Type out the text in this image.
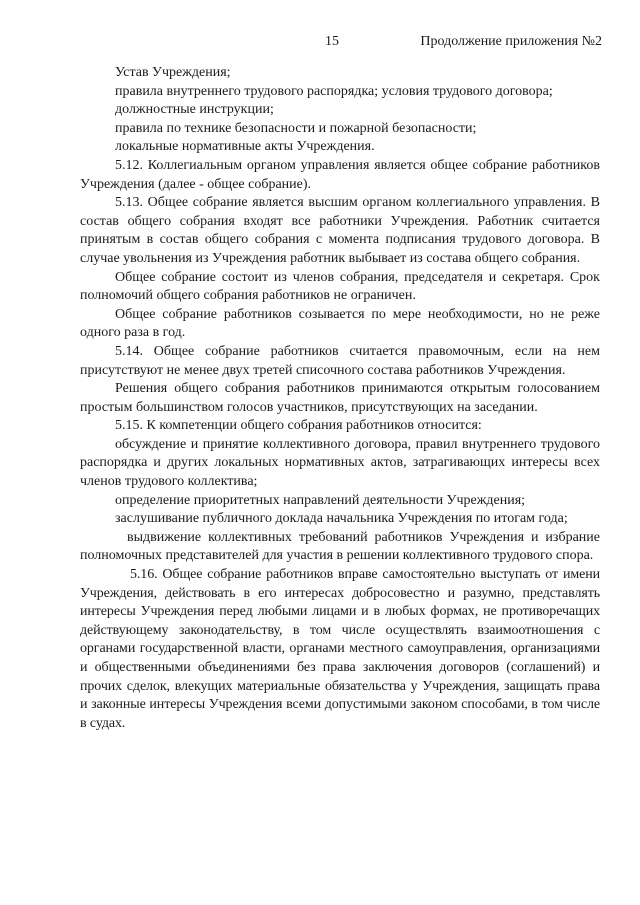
15	Продолжение приложения №2

Устав Учреждения;

правила внутреннего трудового распорядка; условия трудового договора;

должностные инструкции;

правила по технике безопасности и пожарной безопасности;

локальные нормативные акты Учреждения.

5.12. Коллегиальным органом управления является общее собрание работников Учреждения (далее - общее собрание).

5.13. Общее собрание является высшим органом коллегиального управления. В состав общего собрания входят все работники Учреждения. Работник считается принятым в состав общего собрания с момента подписания трудового договора. В случае увольнения из Учреждения работник выбывает из состава общего собрания.

Общее собрание состоит из членов собрания, председателя и секретаря. Срок полномочий общего собрания работников не ограничен.

Общее собрание работников созывается по мере необходимости, но не реже одного раза в год.

5.14. Общее собрание работников считается правомочным, если на нем присутствуют не менее двух третей списочного состава работников Учреждения.

Решения общего собрания работников принимаются открытым голосованием простым большинством голосов участников, присутствующих на заседании.

5.15. К компетенции общего собрания работников относится:

обсуждение и принятие коллективного договора, правил внутреннего трудового распорядка и других локальных нормативных актов, затрагивающих интересы всех членов трудового коллектива;

определение приоритетных направлений деятельности Учреждения;

заслушивание публичного доклада начальника Учреждения по итогам года;

выдвижение коллективных требований работников Учреждения и избрание полномочных представителей для участия в решении коллективного трудового спора.

5.16. Общее собрание работников вправе самостоятельно выступать от имени Учреждения, действовать в его интересах добросовестно и разумно, представлять интересы Учреждения перед любыми лицами и в любых формах, не противоречащих действующему законодательству, в том числе осуществлять взаимоотношения с органами государственной власти, органами местного самоуправления, организациями и общественными объединениями без права заключения договоров (соглашений) и прочих сделок, влекущих материальные обязательства у Учреждения, защищать права и законные интересы Учреждения всеми допустимыми законом способами, в том числе в судах.
